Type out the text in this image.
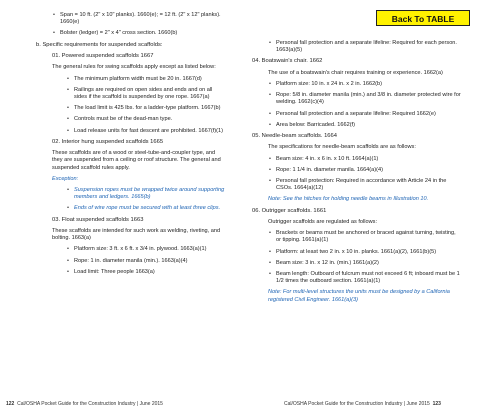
• Span = 10 ft. (2" x 10" planks). 1660(e); = 12 ft. (2" x 12" planks). 1660(e)
• Bolster (ledger) = 2" x 4" cross section. 1660(b)
b. Specific requirements for suspended scaffolds:
01. Powered suspended scaffolds 1667
The general rules for swing scaffolds apply except as listed below:
• The minimum platform width must be 20 in. 1667(d)
• Railings are required on open sides and ends and on all sides if the scaffold is suspended by one rope. 1667(a)
• The load limit is 425 lbs. for a ladder-type platform. 1667(b)
• Controls must be of the dead-man type.
• Load release units for fast descent are prohibited. 1667(f)(1)
02. Interior hung suspended scaffolds 1665
These scaffolds are of a wood or steel-tube-and-coupler type, and they are suspended from a ceiling or roof structure. The general and suspended scaffold rules apply.
Exception:
• Suspension ropes must be wrapped twice around supporting members and ledgers. 1665(b)
• Ends of wire rope must be secured with at least three clips.
03. Float suspended scaffolds 1663
These scaffolds are intended for such work as welding, riveting, and bolting. 1663(a)
• Platform size: 3 ft. x 6 ft. x 3/4 in. plywood. 1663(a)(1)
• Rope: 1 in. diameter manila (min.). 1663(a)(4)
• Load limit: Three people 1663(a)
122 Cal/OSHA Pocket Guide for the Construction Industry | June 2015
• Personal fall protection and a separate lifeline: Required for each person. 1663(a)(5)
04. Boatswain's chair. 1662
The use of a boatswain's chair requires training or experience. 1662(a)
• Platform size: 10 in. x 24 in. x 2 in. 1662(b)
• Rope: 5/8 in. diameter manila (min.) and 3/8 in. diameter protected wire for welding. 1662(c)(4)
• Personal fall protection and a separate lifeline: Required 1662(e)
• Area below: Barricaded. 1662(f)
05. Needle-beam scaffolds. 1664
The specifications for needle-beam scaffolds are as follows:
• Beam size: 4 in. x 6 in. x 10 ft. 1664(a)(1)
• Rope: 1 1/4 in. diameter manila. 1664(a)(4)
• Personal fall protection: Required in accordance with Article 24 in the CSOs. 1664(a)(12)
Note: See the hitches for holding needle beams in Illustration 10.
06. Outrigger scaffolds. 1661
Outrigger scaffolds are regulated as follows:
• Brackets or beams must be anchored or braced against turning, twisting, or tipping. 1661(a)(1)
• Platform: at least two 2 in. x 10 in. planks. 1661(a)(2), 1661(b)(5)
• Beam size: 3 in. x 12 in. (min.) 1661(a)(2)
• Beam length: Outboard of fulcrum must not exceed 6 ft; inboard must be 1 1/2 times the outboard section. 1661(a)(1)
Note: For multi-level structures the units must be designed by a California registered Civil Engineer. 1661(a)(3)
Cal/OSHA Pocket Guide for the Construction Industry | June 2015 123
Back To TABLE
